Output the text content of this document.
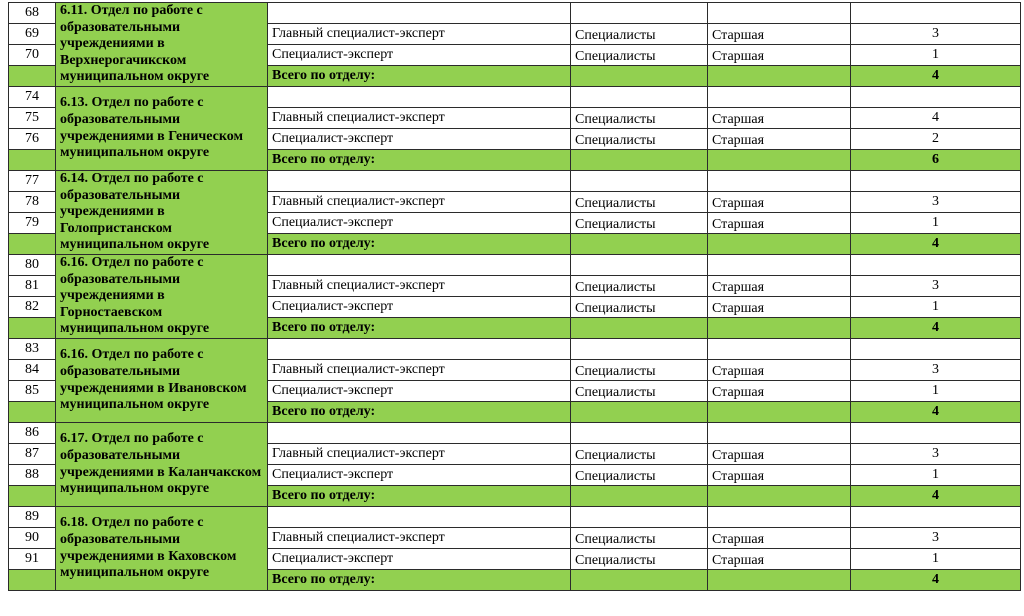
68	6.11. Отдел по работе с образовательными учреждениями в Верхнерогачикском муниципальном округе				
69		Главный специалист-эксперт	Специалисты	Старшая	3
70		Специалист-эксперт	Специалисты	Старшая	1
		Всего по отделу:			4
74	6.13. Отдел по работе с образовательными учреждениями в Геническом муниципальном округе				
75		Главный специалист-эксперт	Специалисты	Старшая	4
76		Специалист-эксперт	Специалисты	Старшая	2
		Всего по отделу:			6
77	6.14. Отдел по работе с образовательными учреждениями в Голопристанском муниципальном округе				
78		Главный специалист-эксперт	Специалисты	Старшая	3
79		Специалист-эксперт	Специалисты	Старшая	1
		Всего по отделу:			4
80	6.16. Отдел по работе с образовательными учреждениями в Горностаевском муниципальном округе				
81		Главный специалист-эксперт	Специалисты	Старшая	3
82		Специалист-эксперт	Специалисты	Старшая	1
		Всего по отделу:			4
83	6.16. Отдел по работе с образовательными учреждениями в Ивановском муниципальном округе				
84		Главный специалист-эксперт	Специалисты	Старшая	3
85		Специалист-эксперт	Специалисты	Старшая	1
		Всего по отделу:			4
86	6.17. Отдел по работе с образовательными учреждениями в Каланчакском муниципальном округе				
87		Главный специалист-эксперт	Специалисты	Старшая	3
88		Специалист-эксперт	Специалисты	Старшая	1
		Всего по отделу:			4
89	6.18. Отдел по работе с образовательными учреждениями в Каховском муниципальном округе				
90		Главный специалист-эксперт	Специалисты	Старшая	3
91		Специалист-эксперт	Специалисты	Старшая	1
		Всего по отделу:			4
